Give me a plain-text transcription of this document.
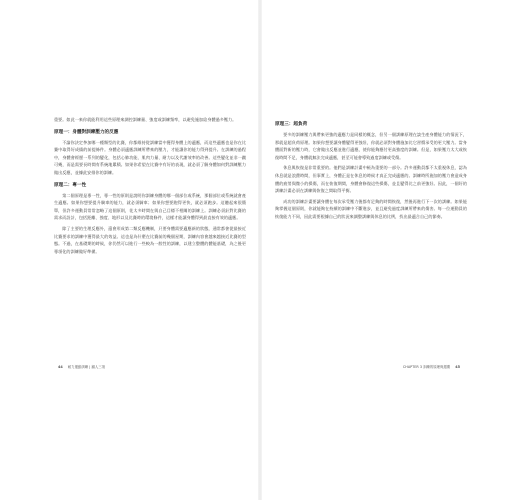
重要。如此一來你就能利用這些原理來調控訓練量、強度或訓練頻率，以避免施加給身體過多壓力。

原理一：身體對訓練壓力的反應

不論你決定參加哪一種類型的比賽，你都維持從訓練當中獲得身體上的適應，而這些適應也是你在比賽中取得好成績的前提條件。身體必須適應訓練所帶來的壓力，才能讓你的能力得到提升。在訓練的過程中，身體會經歷一系列的變化，包括心肺功能、肌肉力量、耐力以及代謝效率的改善。這些變化並非一蹴可幾，而是需要長時間有系統地累積。如果你希望在比賽中有好的表現，就必須了解身體如何對訓練壓力做出反應，並據此安排你的訓練。

原理二：專一性

第二個原理是專一性，專一性的原則是說明你訓練身體的哪一個部位或系統，那個部位或系統就會產生適應。如果你想要提升騎車的能力，就必須騎車；如果你想要跑得更快，就必須跑步。這聽起來很簡單，但許多運動員常常忽略了這個原則，花太多時間在與自己目標不相關的訓練上。訓練必須針對比賽的需求而設計，包括距離、強度、地形以及比賽時的環境條件，這樣才能讓身體得到最直接有效的適應。

除了主要的生理反應外，還會形成第二類反應機制，只要身體需要適應新的狀態，通常都會從最接近比賽要求的訓練中獲得最大的效益。這也是為什麼在比賽前的幾個星期，訓練內容會越來越接近比賽的型態。不過，在基礎期的時候，你仍然可以進行一些較為一般性的訓練，以建立整體的體能基礎，為之後更專項化的訓練做好準備。

44 耐力運動訓練 | 鐵人三項
原理三：超負荷

要多的訓練壓力與帶來更強的適應力是同樣的概念，但另一個訓練原理在談生產身體能力的情況下，那就是超負荷原理。如果你想要讓身體變得更強壯，你就必須對身體施加比它習慣承受的更大壓力。當身體面對新的壓力時，它會做出反應並進行適應，使你能夠應付更高強度的訓練。但是，如果壓力太大或恢復時間不足，身體就無法完成適應，甚至可能會導致過度訓練或受傷。

休息與恢復是非常重要的。他們是訓練計畫中極為重要的一部分。許多運動員都不太重視休息，認為休息就是浪費時間，但事實上，身體正是在休息的時候才真正完成適應的。訓練時所施加的壓力會造成身體的疲勞與微小的損傷，而在恢復期間，身體會修復這些損傷，並且變得比之前更強壯。因此，一個好的訓練計畫必須在訓練與恢復之間取得平衡。

成功的訓練計畫要讓身體在每次承受壓力後都有足夠的時間恢復，然後再進行下一次的訓練。如果能夠掌握這個原則，你就能夠在持續的訓練中不斷進步，並且避免過度訓練所帶來的傷害。每一位運動員的恢復能力不同，因此需要根據自己的狀況來調整訓練與休息的比例，找出最適合自己的節奏。

CHAPTER 3 訓練的原理與週期 45
